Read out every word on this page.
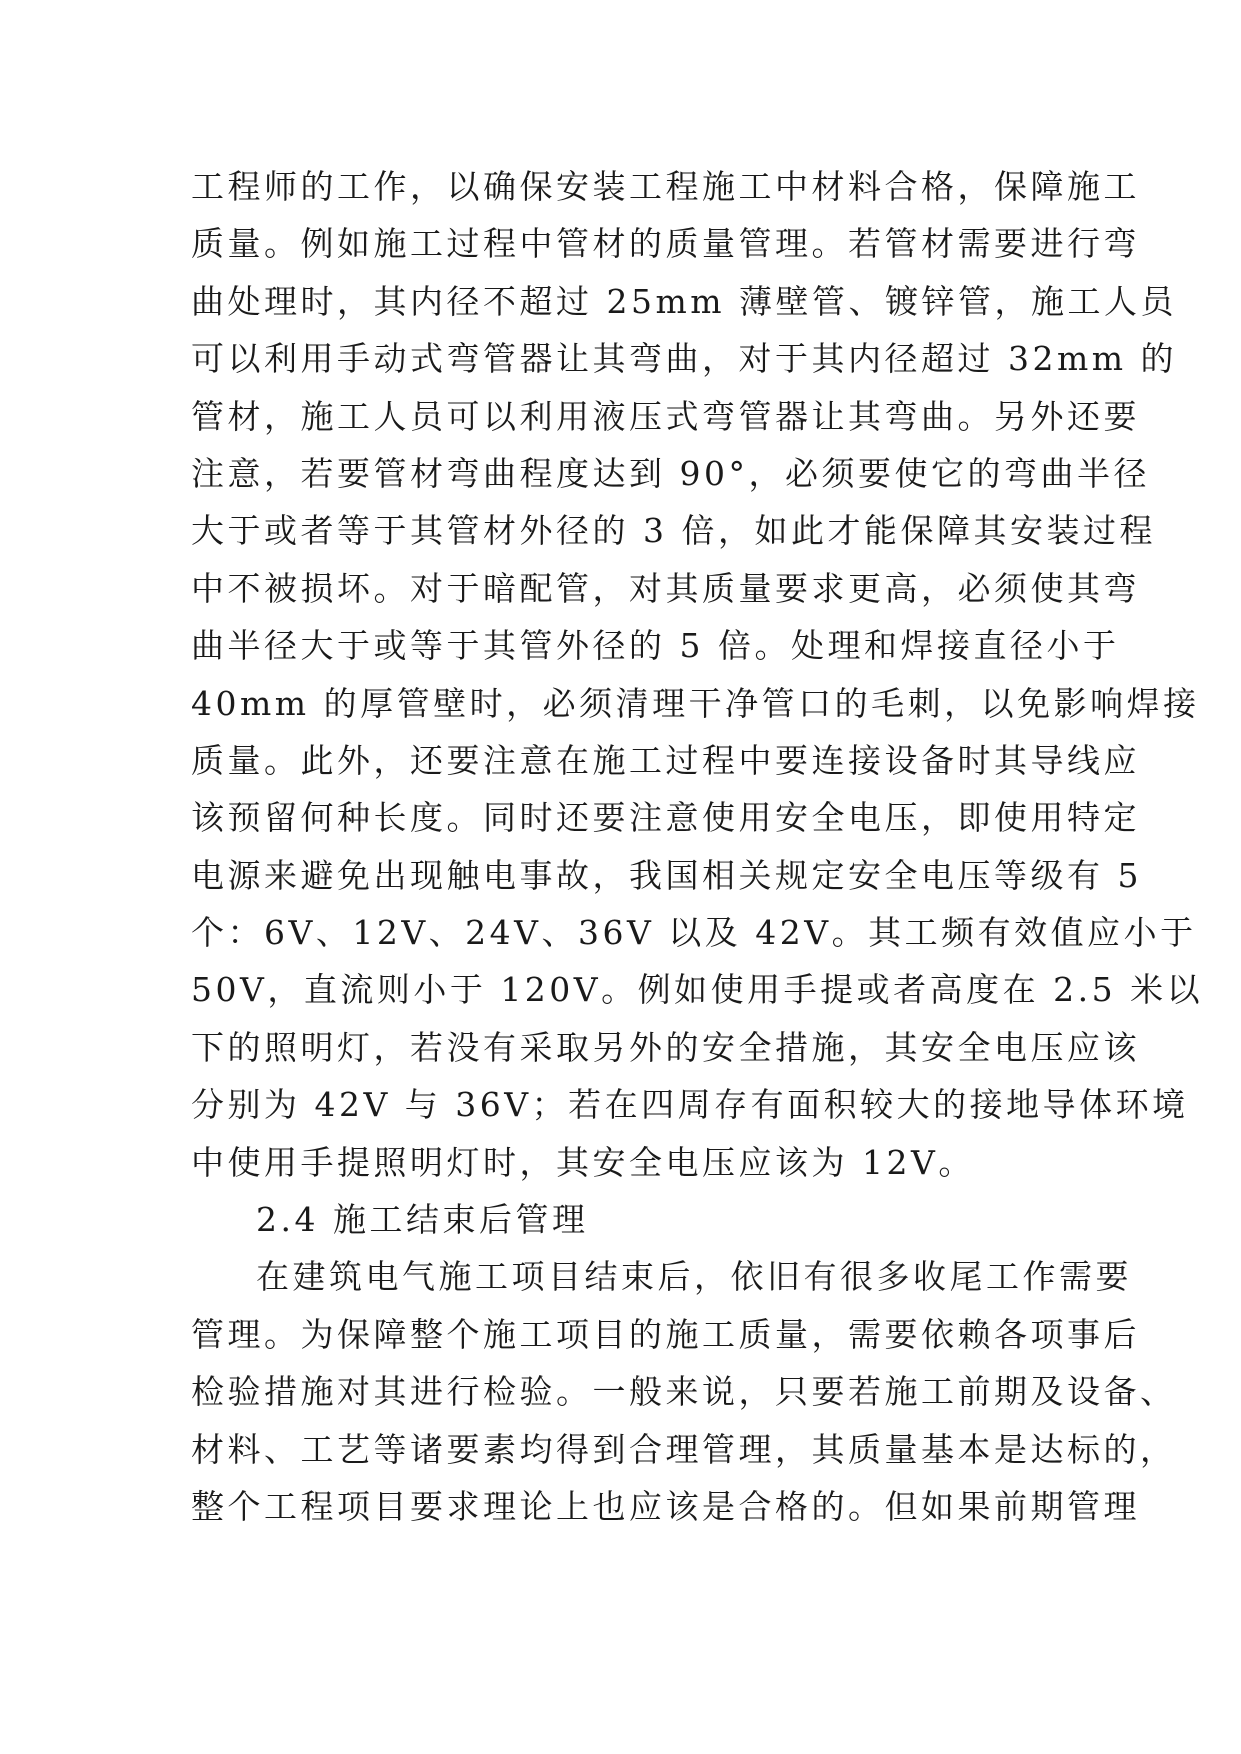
工程师的工作，以确保安装工程施工中材料合格，保障施工
质量。例如施工过程中管材的质量管理。若管材需要进行弯
曲处理时，其内径不超过 25mm 薄壁管、镀锌管，施工人员
可以利用手动式弯管器让其弯曲，对于其内径超过 32mm 的
管材，施工人员可以利用液压式弯管器让其弯曲。另外还要
注意，若要管材弯曲程度达到 90°，必须要使它的弯曲半径
大于或者等于其管材外径的 3 倍，如此才能保障其安装过程
中不被损坏。对于暗配管，对其质量要求更高，必须使其弯
曲半径大于或等于其管外径的 5 倍。处理和焊接直径小于
40mm 的厚管壁时，必须清理干净管口的毛刺，以免影响焊接
质量。此外，还要注意在施工过程中要连接设备时其导线应
该预留何种长度。同时还要注意使用安全电压，即使用特定
电源来避免出现触电事故，我国相关规定安全电压等级有 5
个：6V、12V、24V、36V 以及 42V。其工频有效值应小于
50V，直流则小于 120V。例如使用手提或者高度在 2.5 米以
下的照明灯，若没有采取另外的安全措施，其安全电压应该
分别为 42V 与 36V；若在四周存有面积较大的接地导体环境
中使用手提照明灯时，其安全电压应该为 12V。
2.4 施工结束后管理
在建筑电气施工项目结束后，依旧有很多收尾工作需要
管理。为保障整个施工项目的施工质量，需要依赖各项事后
检验措施对其进行检验。一般来说，只要若施工前期及设备、
材料、工艺等诸要素均得到合理管理，其质量基本是达标的，
整个工程项目要求理论上也应该是合格的。但如果前期管理
